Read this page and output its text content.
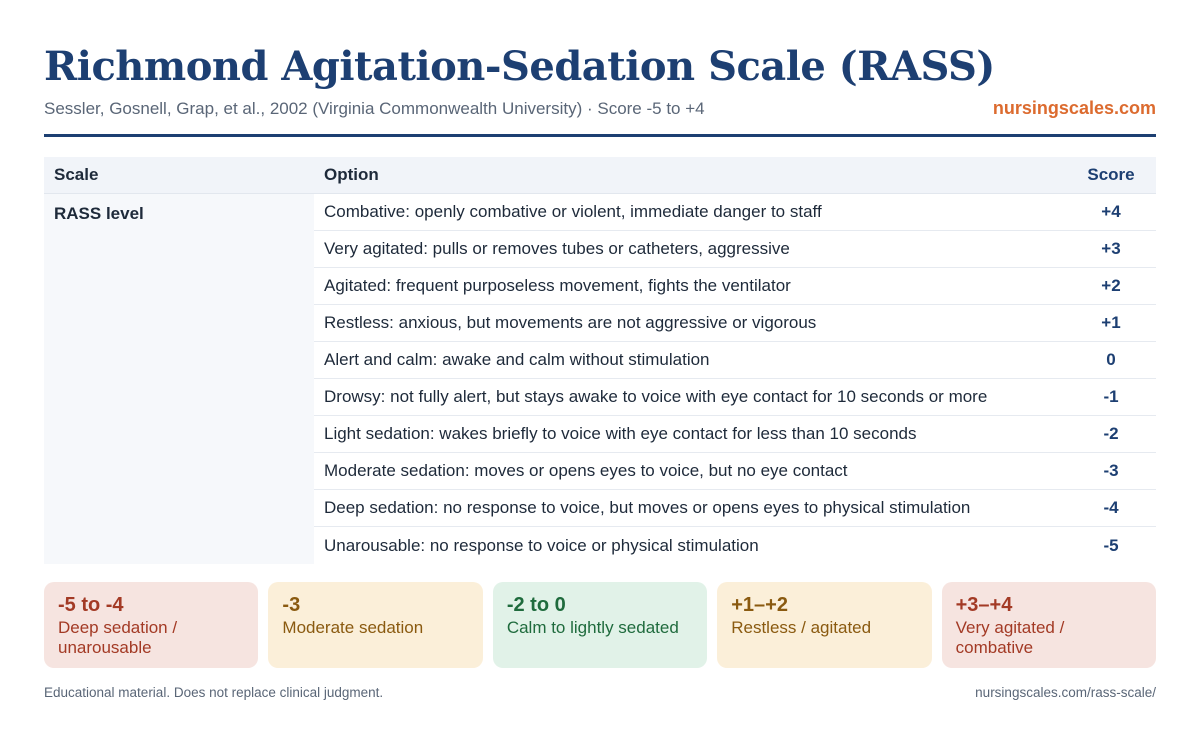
Richmond Agitation-Sedation Scale (RASS)
Sessler, Gosnell, Grap, et al., 2002 (Virginia Commonwealth University) · Score -5 to +4	nursingscales.com
Scale	Option	Score
RASS level	Combative: openly combative or violent, immediate danger to staff	+4
Very agitated: pulls or removes tubes or catheters, aggressive	+3
Agitated: frequent purposeless movement, fights the ventilator	+2
Restless: anxious, but movements are not aggressive or vigorous	+1
Alert and calm: awake and calm without stimulation	0
Drowsy: not fully alert, but stays awake to voice with eye contact for 10 seconds or more	-1
Light sedation: wakes briefly to voice with eye contact for less than 10 seconds	-2
Moderate sedation: moves or opens eyes to voice, but no eye contact	-3
Deep sedation: no response to voice, but moves or opens eyes to physical stimulation	-4
Unarousable: no response to voice or physical stimulation	-5
-5 to -4
Deep sedation / unarousable
-3
Moderate sedation
-2 to 0
Calm to lightly sedated
+1–+2
Restless / agitated
+3–+4
Very agitated / combative
Educational material. Does not replace clinical judgment.	nursingscales.com/rass-scale/
